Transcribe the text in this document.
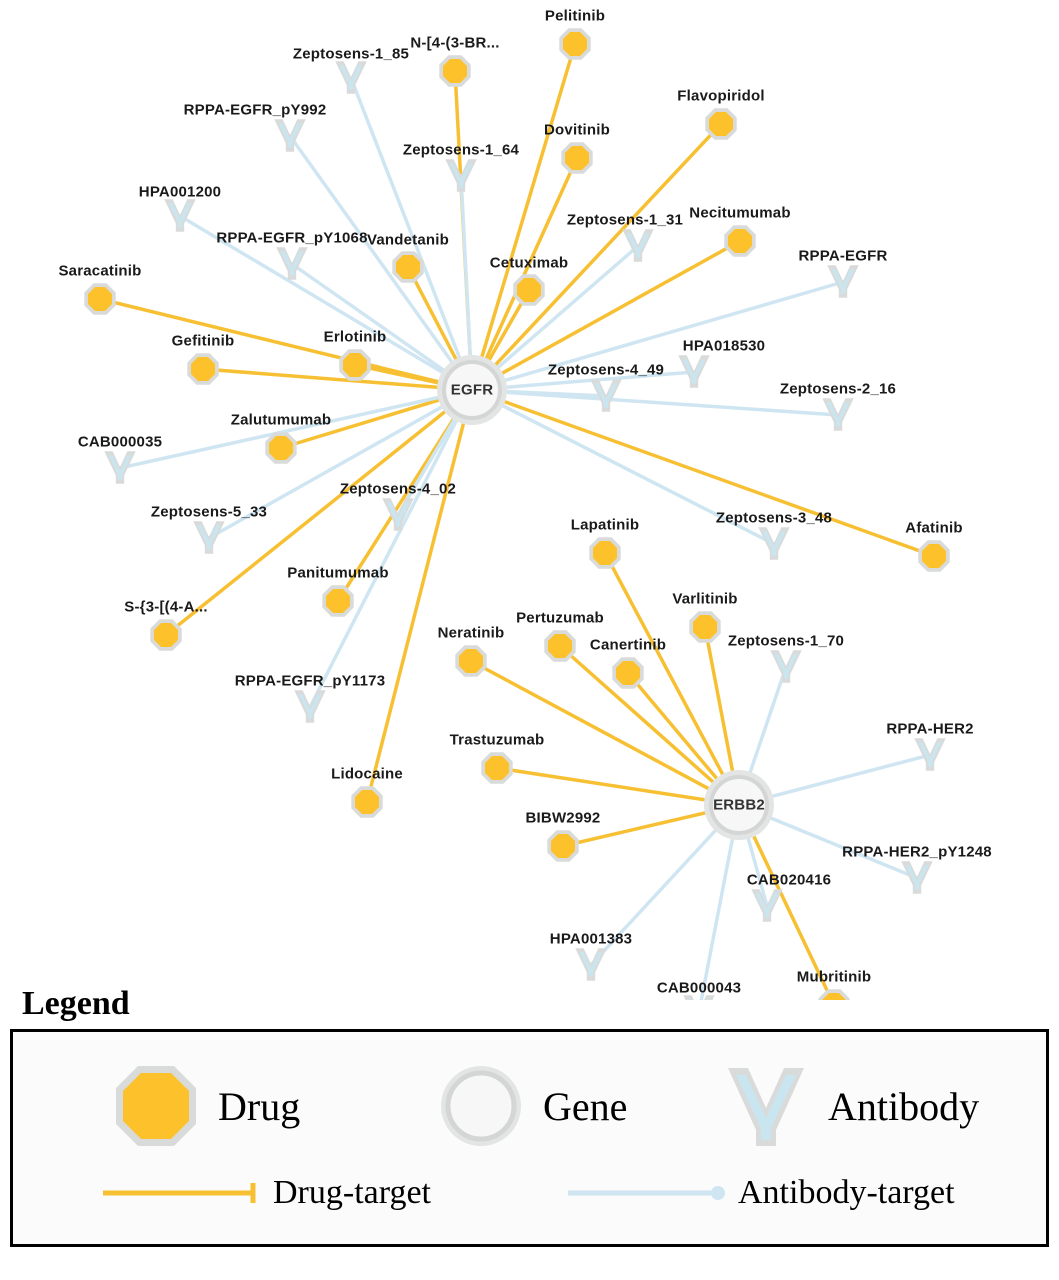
Pelitinib
N-[4-(3-BR...
Flavopiridol
Dovitinib
Necitumumab
Vandetanib
Cetuximab
Saracatinib
Gefitinib	Erlotinib
Zalutumumab
Afatinib
Lapatinib
Varlitinib
Panitumumab
S-{3-[(4-A...
Pertuzumab
Neratinib
Canertinib
Trastuzumab
Lidocaine
BIBW2992
Mubritinib
Zeptosens-1_85
RPPA-EGFR_pY992
Zeptosens-1_64
HPA001200
Zeptosens-1_31
RPPA-EGFR_pY1068
RPPA-EGFR
HPA018530
Zeptosens-4_49
Zeptosens-2_16
CAB000035
Zeptosens-4_02
Zeptosens-5_33	Zeptosens-3_48
Zeptosens-1_70
RPPA-EGFR_pY1173
RPPA-HER2
RPPA-HER2_pY1248
CAB020416
HPA001383
CAB000043
EGFR
ERBB2
Legend
Drug	Gene	Antibody
Drug-target	Antibody-target
